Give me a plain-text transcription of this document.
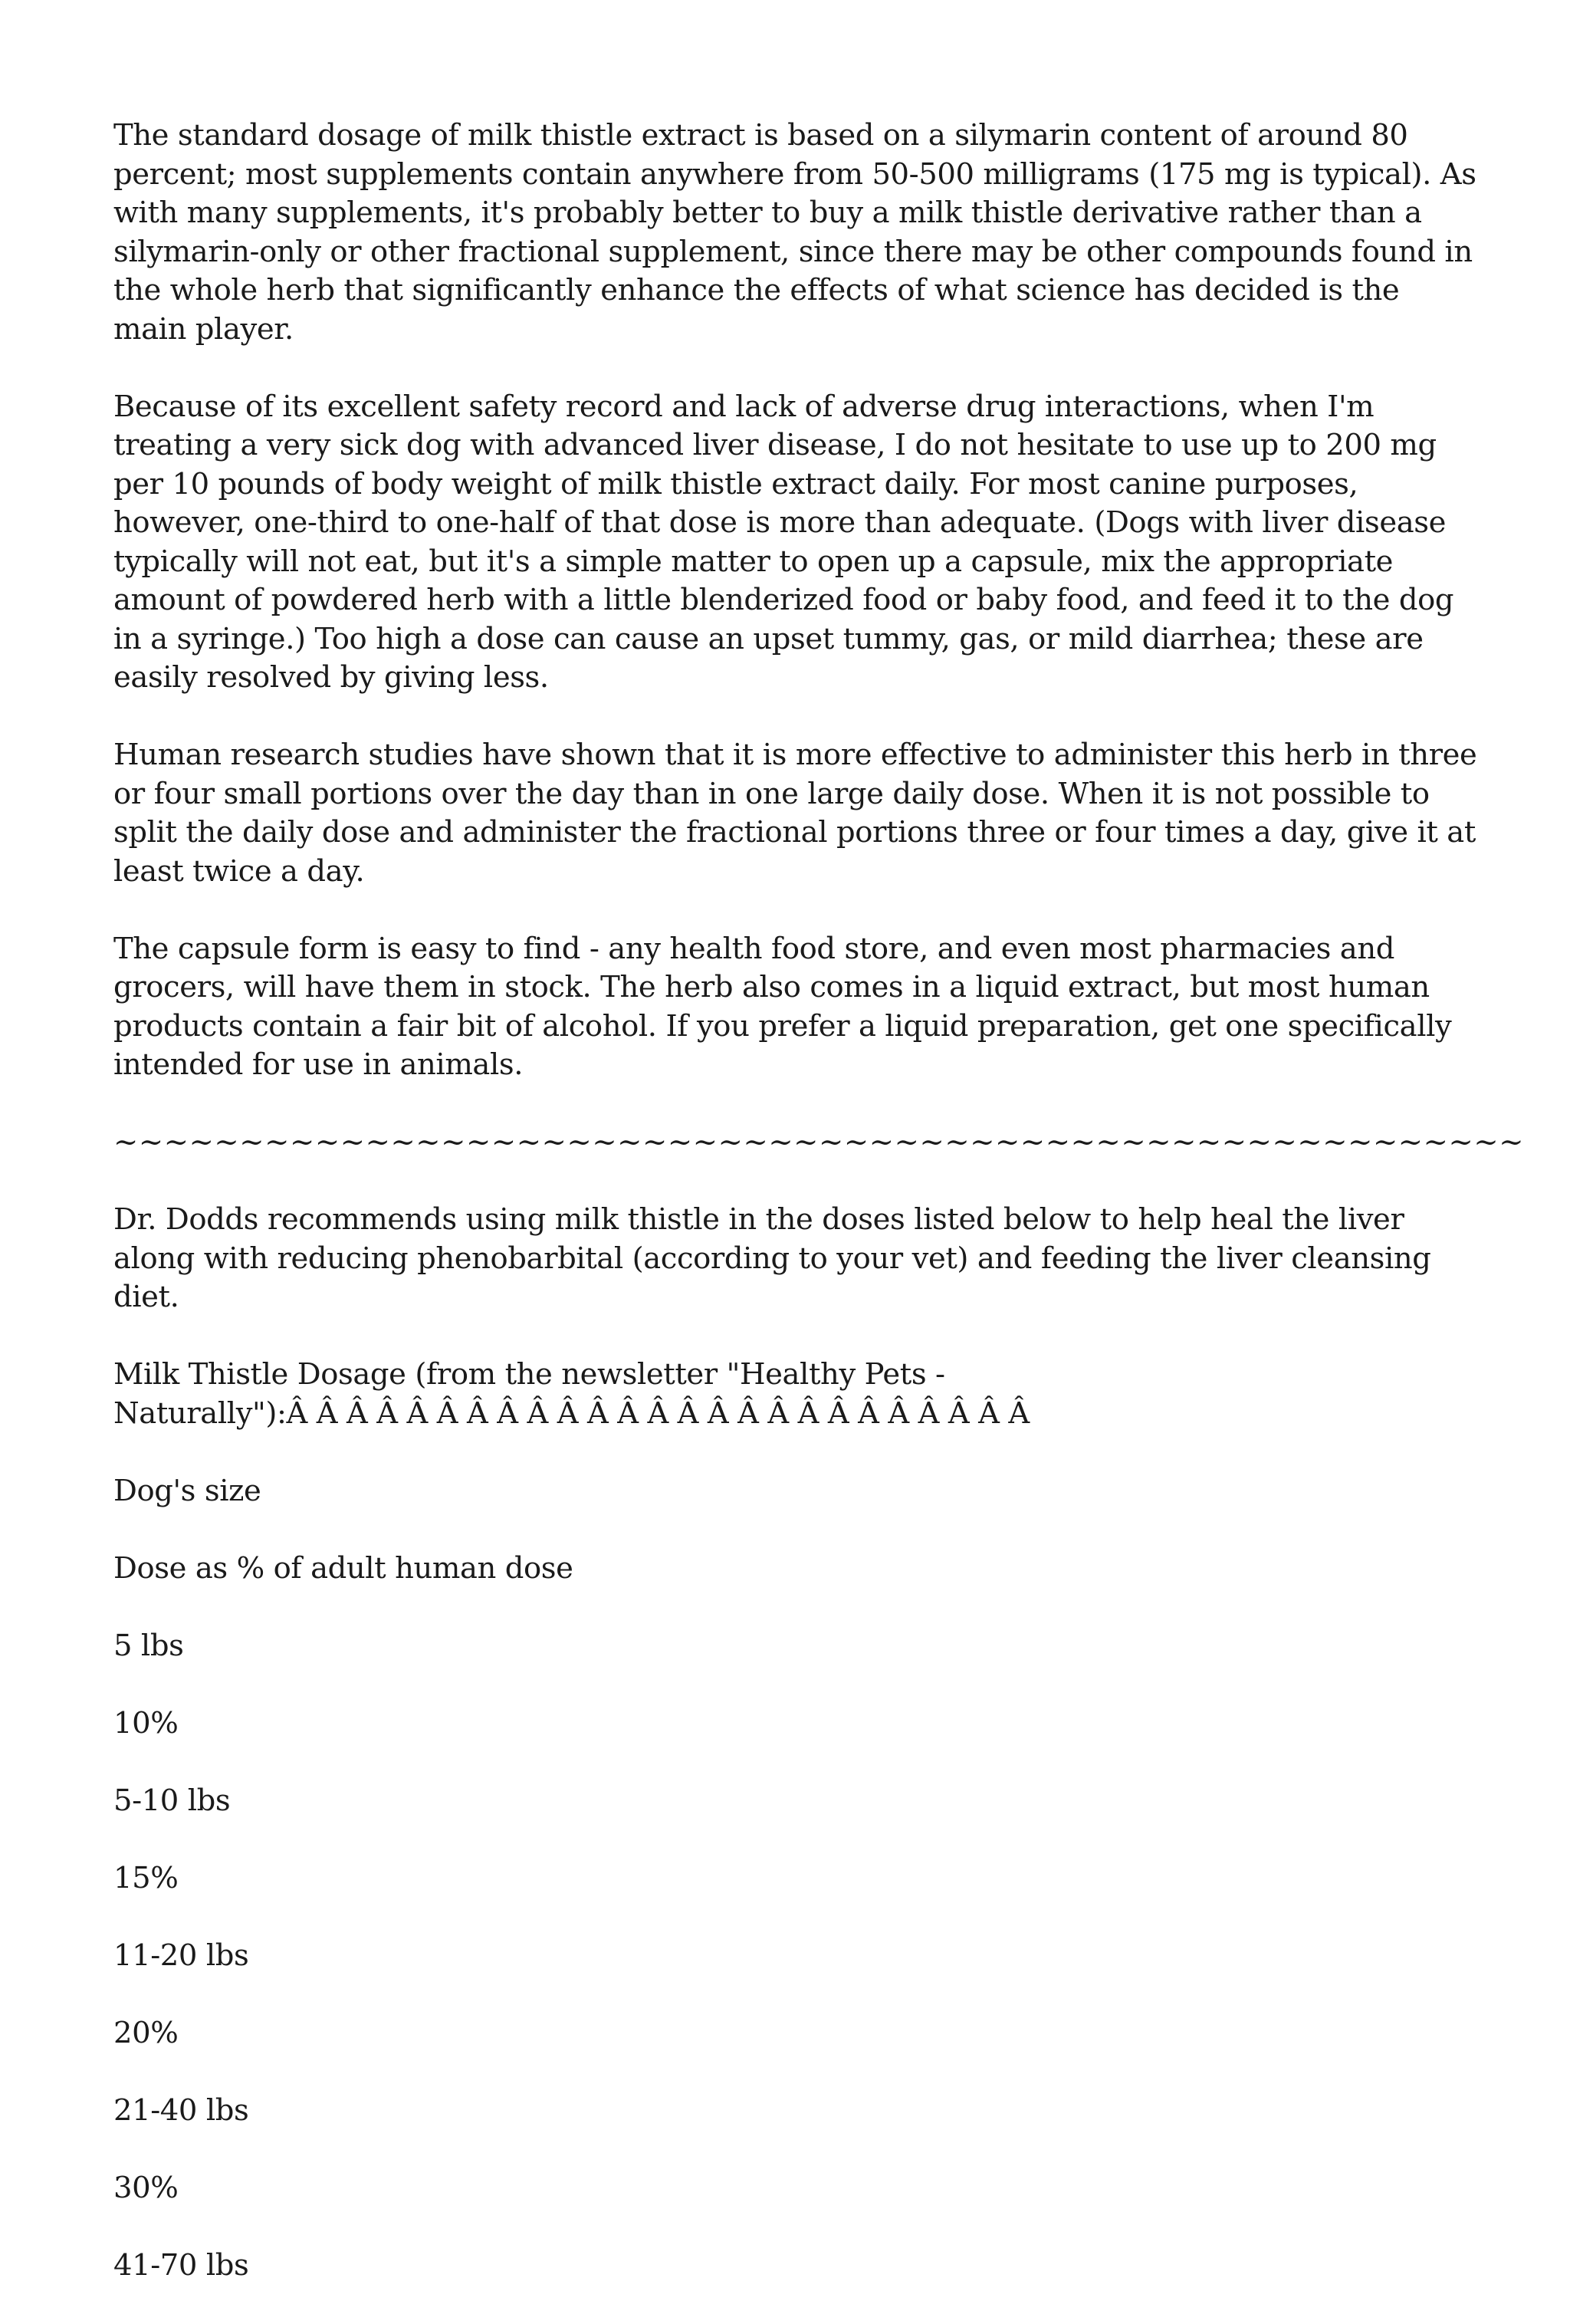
The standard dosage of milk thistle extract is based on a silymarin content of around 80 percent; most supplements contain anywhere from 50-500 milligrams (175 mg is typical). As with many supplements, it's probably better to buy a milk thistle derivative rather than a silymarin-only or other fractional supplement, since there may be other compounds found in the whole herb that significantly enhance the effects of what science has decided is the main player.

Because of its excellent safety record and lack of adverse drug interactions, when I'm treating a very sick dog with advanced liver disease, I do not hesitate to use up to 200 mg per 10 pounds of body weight of milk thistle extract daily. For most canine purposes, however, one-third to one-half of that dose is more than adequate. (Dogs with liver disease typically will not eat, but it's a simple matter to open up a capsule, mix the appropriate amount of powdered herb with a little blenderized food or baby food, and feed it to the dog in a syringe.) Too high a dose can cause an upset tummy, gas, or mild diarrhea; these are easily resolved by giving less.

Human research studies have shown that it is more effective to administer this herb in three or four small portions over the day than in one large daily dose. When it is not possible to split the daily dose and administer the fractional portions three or four times a day, give it at least twice a day.

The capsule form is easy to find - any health food store, and even most pharmacies and grocers, will have them in stock. The herb also comes in a liquid extract, but most human products contain a fair bit of alcohol. If you prefer a liquid preparation, get one specifically intended for use in animals.

~~~~~~~~~~~~~~~~~~~~~~~~~~~~~~~~~~~~~~~~~~~~~~~~~~~~~~~~

Dr. Dodds recommends using milk thistle in the doses listed below to help heal the liver along with reducing phenobarbital (according to your vet) and feeding the liver cleansing diet.

Milk Thistle Dosage (from the newsletter "Healthy Pets -
Naturally"):Â Â Â Â Â Â Â Â Â Â Â Â Â Â Â Â Â Â Â Â Â Â Â Â Â

Dog's size

Dose as % of adult human dose

5 lbs

10%

5-10 lbs

15%

11-20 lbs

20%

21-40 lbs

30%

41-70 lbs
